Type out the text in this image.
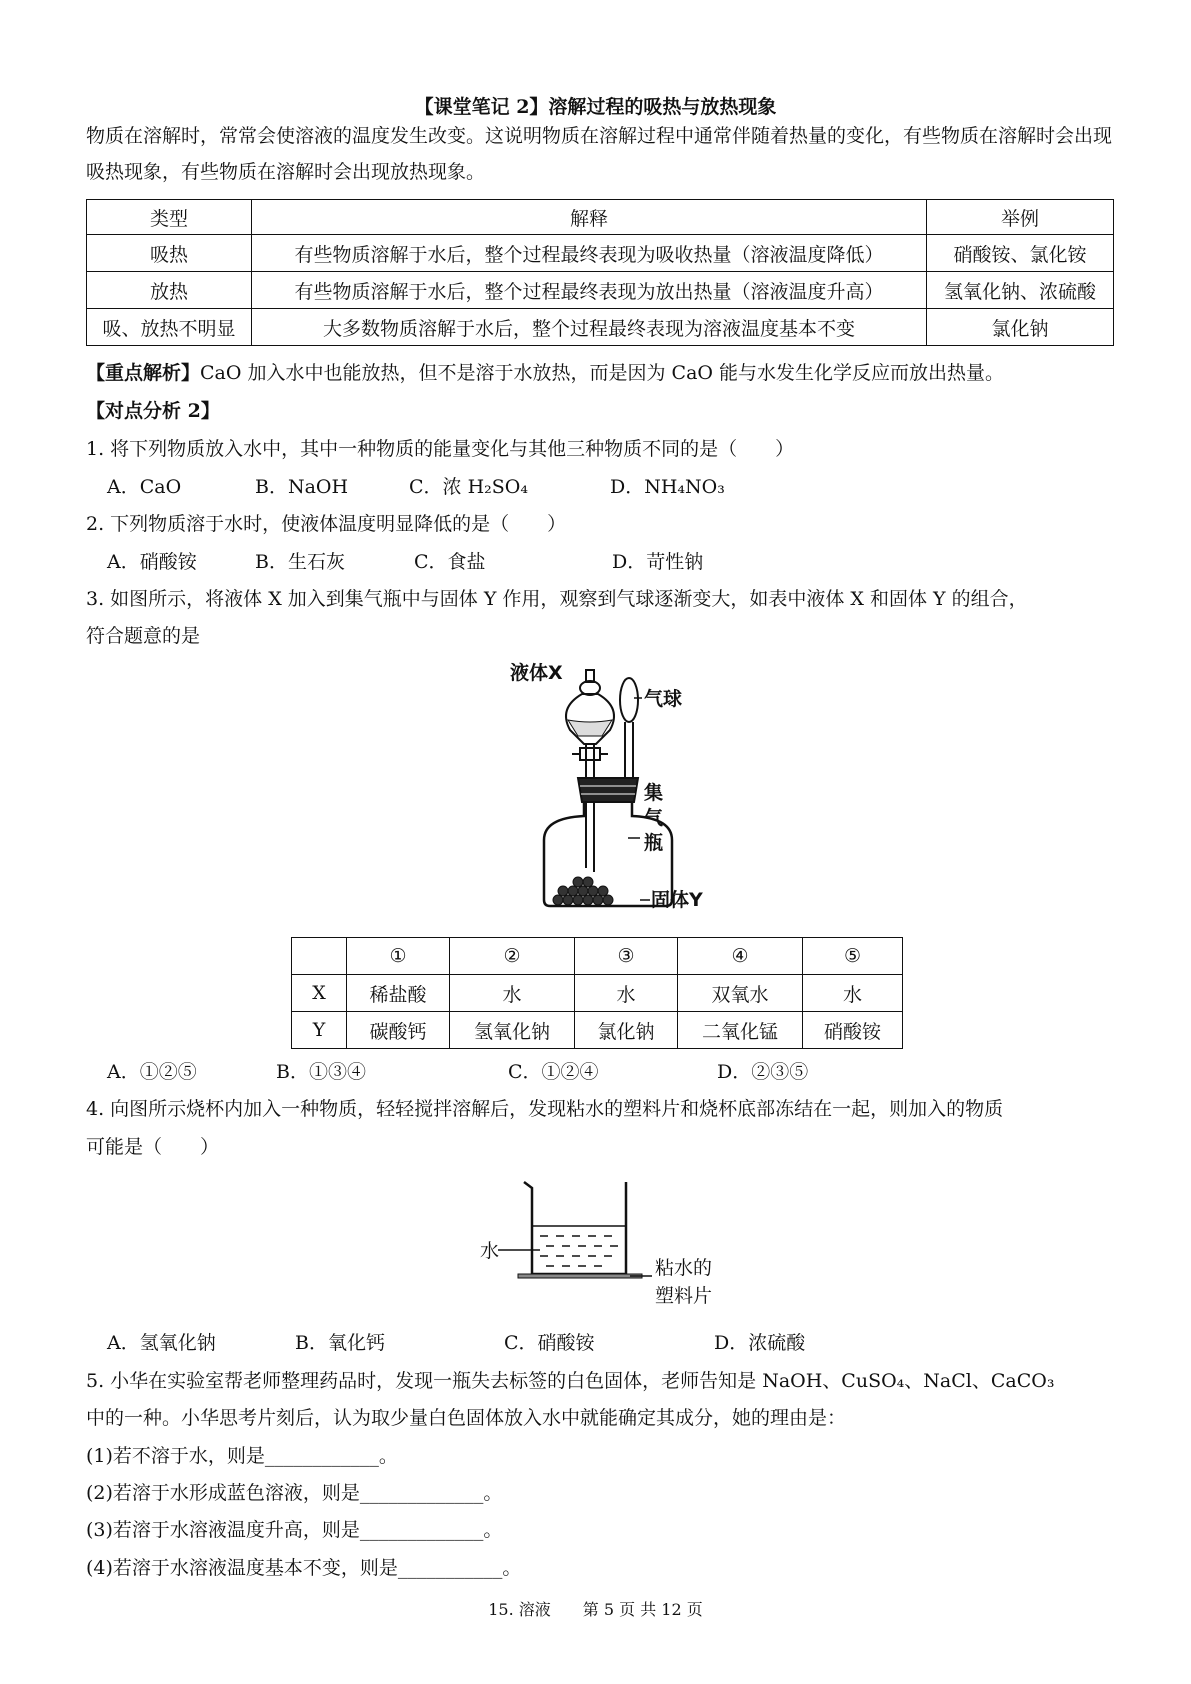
【课堂笔记 2】溶解过程的吸热与放热现象
物质在溶解时，常常会使溶液的温度发生改变。这说明物质在溶解过程中通常伴随着热量的变化，有些物质在溶解时会出现吸热现象，有些物质在溶解时会出现放热现象。
类型	解释	举例
吸热	有些物质溶解于水后，整个过程最终表现为吸收热量（溶液温度降低）	硝酸铵、氯化铵
放热	有些物质溶解于水后，整个过程最终表现为放出热量（溶液温度升高）	氢氧化钠、浓硫酸
吸、放热不明显	大多数物质溶解于水后，整个过程最终表现为溶液温度基本不变	氯化钠
【重点解析】CaO 加入水中也能放热，但不是溶于水放热，而是因为 CaO 能与水发生化学反应而放出热量。
【对点分析 2】
1. 将下列物质放入水中，其中一种物质的能量变化与其他三种物质不同的是（　　）
A．CaO	B．NaOH	C．浓 H₂SO₄	D．NH₄NO₃
2. 下列物质溶于水时，使液体温度明显降低的是（　　）
A．硝酸铵	B．生石灰	C．食盐	D．苛性钠
3. 如图所示，将液体 X 加入到集气瓶中与固体 Y 作用，观察到气球逐渐变大，如表中液体 X 和固体 Y 的组合，
符合题意的是
液体X
气球
集
气
瓶
固体Y
	①	②	③	④	⑤
X	稀盐酸	水	水	双氧水	水
Y	碳酸钙	氢氧化钠	氯化钠	二氧化锰	硝酸铵
A．①②⑤	B．①③④	C．①②④	D．②③⑤
4. 向图所示烧杯内加入一种物质，轻轻搅拌溶解后，发现粘水的塑料片和烧杯底部冻结在一起，则加入的物质
可能是（　　）
水
粘水的
塑料片
A．氢氧化钠	B．氧化钙	C．硝酸铵	D．浓硫酸
5. 小华在实验室帮老师整理药品时，发现一瓶失去标签的白色固体，老师告知是 NaOH、CuSO₄、NaCl、CaCO₃
中的一种。小华思考片刻后，认为取少量白色固体放入水中就能确定其成分，她的理由是：
(1)若不溶于水，则是____________。
(2)若溶于水形成蓝色溶液，则是_____________。
(3)若溶于水溶液温度升高，则是_____________。
(4)若溶于水溶液温度基本不变，则是___________。
15. 溶液　　第 5 页 共 12 页
